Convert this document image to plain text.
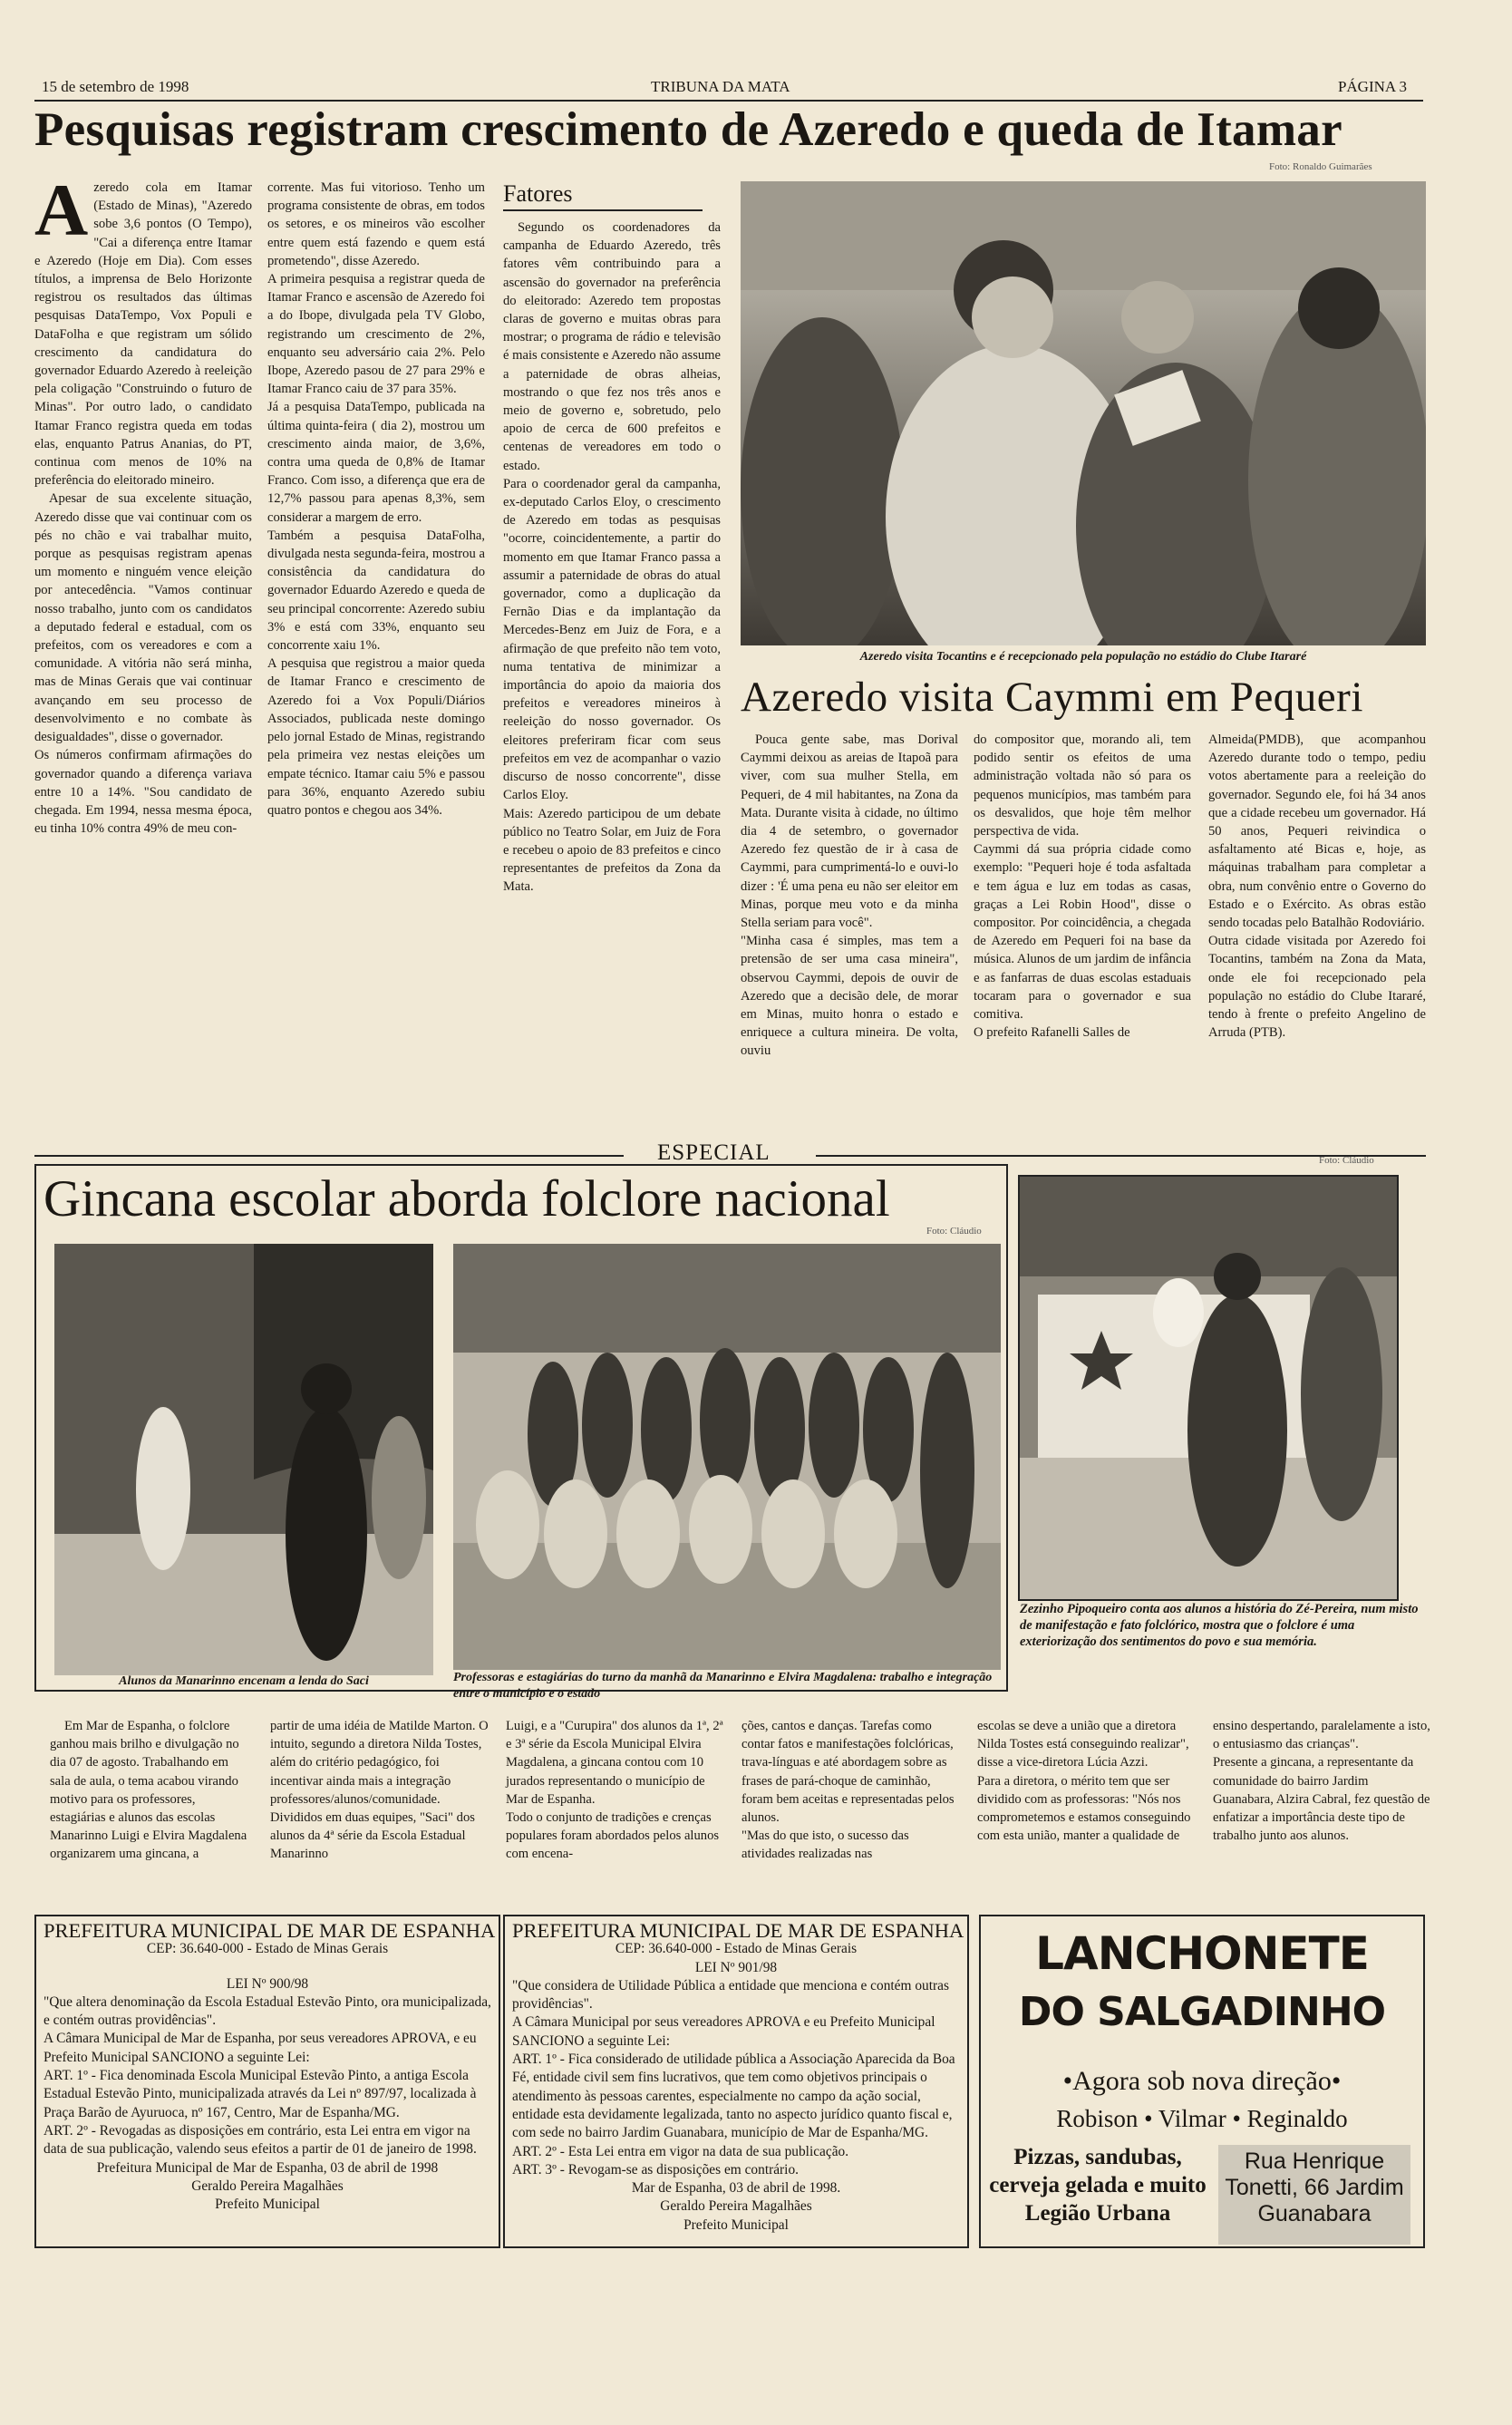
15 de setembro de 1998	TRIBUNA DA MATA	PÁGINA 3
Pesquisas registram crescimento de Azeredo e queda de Itamar
A zeredo cola em Itamar (Estado de Minas), "Azeredo sobe 3,6 pontos (O Tempo), "Cai a diferença entre Itamar e Azeredo (Hoje em Dia). Com esses títulos, a imprensa de Belo Horizonte registrou os resultados das últimas pesquisas DataTempo, Vox Populi e DataFolha e que registram um sólido crescimento da candidatura do governador Eduardo Azeredo à reeleição pela coligação "Construindo o futuro de Minas". Por outro lado, o candidato Itamar Franco registra queda em todas elas, enquanto Patrus Ananias, do PT, continua com menos de 10% na preferência do eleitorado mineiro.

Apesar de sua excelente situação, Azeredo disse que vai continuar com os pés no chão e vai trabalhar muito, porque as pesquisas registram apenas um momento e ninguém vence eleição por antecedência. "Vamos continuar nosso trabalho, junto com os candidatos a deputado federal e estadual, com os prefeitos, com os vereadores e com a comunidade. A vitória não será minha, mas de Minas Gerais que vai continuar avançando em seu processo de desenvolvimento e no combate às desigualdades", disse o governador.
Os números confirmam afirmações do governador quando a diferença variava entre 10 a 14%. "Sou candidato de chegada. Em 1994, nessa mesma época, eu tinha 10% contra 49% de meu con-

corrente. Mas fui vitorioso. Tenho um programa consistente de obras, em todos os setores, e os mineiros vão escolher entre quem está fazendo e quem está prometendo", disse Azeredo.
A primeira pesquisa a registrar queda de Itamar Franco e ascensão de Azeredo foi a do Ibope, divulgada pela TV Globo, registrando um crescimento de 2%, enquanto seu adversário caia 2%. Pelo Ibope, Azeredo pasou de 27 para 29% e Itamar Franco caiu de 37 para 35%.
Já a pesquisa DataTempo, publicada na última quinta-feira ( dia 2), mostrou um crescimento ainda maior, de 3,6%, contra uma queda de 0,8% de Itamar Franco. Com isso, a diferença que era de 12,7% passou para apenas 8,3%, sem considerar a margem de erro.
Também a pesquisa DataFolha, divulgada nesta segunda-feira, mostrou a consistência da candidatura do governador Eduardo Azeredo e queda de seu principal concorrente: Azeredo subiu 3% e está com 33%, enquanto seu concorrente xaiu 1%.
A pesquisa que registrou a maior queda de Itamar Franco e crescimento de Azeredo foi a Vox Populi/Diários Associados, publicada neste domingo pelo jornal Estado de Minas, registrando pela primeira vez nestas eleições um empate técnico. Itamar caiu 5% e passou para 36%, enquanto Azeredo subiu quatro pontos e chegou aos 34%.

Fatores

Segundo os coordenadores da campanha de Eduardo Azeredo, três fatores vêm contribuindo para a ascensão do governador na preferência do eleitorado: Azeredo tem propostas claras de governo e muitas obras para mostrar; o programa de rádio e televisão é mais consistente e Azeredo não assume a paternidade de obras alheias, mostrando o que fez nos três anos e meio de governo e, sobretudo, pelo apoio de cerca de 600 prefeitos e centenas de vereadores em todo o estado.
Para o coordenador geral da campanha, ex-deputado Carlos Eloy, o crescimento de Azeredo em todas as pesquisas "ocorre, coincidentemente, a partir do momento em que Itamar Franco passa a assumir a paternidade de obras do atual governador, como a duplicação da Fernão Dias e da implantação da Mercedes-Benz em Juiz de Fora, e a afirmação de que prefeito não tem voto, numa tentativa de minimizar a importância do apoio da maioria dos prefeitos e vereadores mineiros à reeleição do nosso governador. Os eleitores preferiram ficar com seus prefeitos em vez de acompanhar o vazio discurso de nosso concorrente", disse Carlos Eloy.
Mais: Azeredo participou de um debate público no Teatro Solar, em Juiz de Fora e recebeu o apoio de 83 prefeitos e cinco representantes de prefeitos da Zona da Mata.

Foto: Ronaldo Guimarães
Azeredo visita Tocantins e é recepcionado pela população no estádio do Clube Itararé
Azeredo visita Caymmi em Pequeri

Pouca gente sabe, mas Dorival Caymmi deixou as areias de Itapoã para viver, com sua mulher Stella, em Pequeri, de 4 mil habitantes, na Zona da Mata. Durante visita à cidade, no último dia 4 de setembro, o governador Azeredo fez questão de ir à casa de Caymmi, para cumprimentá-lo e ouvi-lo dizer : 'É uma pena eu não ser eleitor em Minas, porque meu voto e da minha Stella seriam para você".
"Minha casa é simples, mas tem a pretensão de ser uma casa mineira", observou Caymmi, depois de ouvir de Azeredo que a decisão dele, de morar em Minas, muito honra o estado e enriquece a cultura mineira. De volta, ouviu

do compositor que, morando ali, tem podido sentir os efeitos de uma administração voltada não só para os pequenos municípios, mas também para os desvalidos, que hoje têm melhor perspectiva de vida.
Caymmi dá sua própria cidade como exemplo: "Pequeri hoje é toda asfaltada e tem água e luz em todas as casas, graças a Lei Robin Hood", disse o compositor. Por coincidência, a chegada de Azeredo em Pequeri foi na base da música. Alunos de um jardim de infância e as fanfarras de duas escolas estaduais tocaram para o governador e sua comitiva.
O prefeito Rafanelli Salles de

Almeida(PMDB), que acompanhou Azeredo durante todo o tempo, pediu votos abertamente para a reeleição do governador. Segundo ele, foi há 34 anos que a cidade recebeu um governador. Há 50 anos, Pequeri reivindica o asfaltamento até Bicas e, hoje, as máquinas trabalham para completar a obra, num convênio entre o Governo do Estado e o Exército. As obras estão sendo tocadas pelo Batalhão Rodoviário.
Outra cidade visitada por Azeredo foi Tocantins, também na Zona da Mata, onde ele foi recepcionado pela população no estádio do Clube Itararé, tendo à frente o prefeito Angelino de Arruda (PTB).

ESPECIAL
Gincana escolar aborda folclore nacional
Foto: Cláudio
Alunos da Manarinno encenam a lenda do Saci	Professoras e estagiárias do turno da manhã da Manarinno e Elvira Magdalena: trabalho e integração entre o município e o estado
Foto: Cláudio
Zezinho Pipoqueiro conta aos alunos a história do Zé-Pereira, num misto de manifestação e fato folclórico, mostra que o folclore é uma exteriorização dos sentimentos do povo e sua memória.

Em Mar de Espanha, o folclore ganhou mais brilho e divulgação no dia 07 de agosto. Trabalhando em sala de aula, o tema acabou virando motivo para os professores, estagiárias e alunos das escolas Manarinno Luigi e Elvira Magdalena organizarem uma gincana, a

partir de uma idéia de Matilde Marton. O intuito, segundo a diretora Nilda Tostes, além do critério pedagógico, foi incentivar ainda mais a integração professores/alunos/comunidade.
Divididos em duas equipes, "Saci" dos alunos da 4ª série da Escola Estadual Manarinno

Luigi, e a "Curupira" dos alunos da 1ª, 2ª e 3ª série da Escola Municipal Elvira Magdalena, a gincana contou com 10 jurados representando o município de Mar de Espanha.
Todo o conjunto de tradições e crenças populares foram abordados pelos alunos com encena-

ções, cantos e danças. Tarefas como contar fatos e manifestações folclóricas, trava-línguas e até abordagem sobre as frases de pará-choque de caminhão, foram bem aceitas e representadas pelos alunos.
"Mas do que isto, o sucesso das atividades realizadas nas

escolas se deve a união que a diretora Nilda Tostes está conseguindo realizar", disse a vice-diretora Lúcia Azzi.
Para a diretora, o mérito tem que ser dividido com as professoras: "Nós nos comprometemos e estamos conseguindo com esta união, manter a qualidade de

ensino despertando, paralelamente a isto, o entusiasmo das crianças".
Presente a gincana, a representante da comunidade do bairro Jardim Guanabara, Alzira Cabral, fez questão de enfatizar a importância deste tipo de trabalho junto aos alunos.

PREFEITURA MUNICIPAL DE MAR DE ESPANHA
CEP: 36.640-000 - Estado de Minas Gerais
LEI Nº 900/98
"Que altera denominação da Escola Estadual Estevão Pinto, ora municipalizada, e contém outras providências".
A Câmara Municipal de Mar de Espanha, por seus vereadores APROVA, e eu Prefeito Municipal SANCIONO a seguinte Lei:
ART. 1º - Fica denominada Escola Municipal Estevão Pinto, a antiga Escola Estadual Estevão Pinto, municipalizada através da Lei nº 897/97, localizada à Praça Barão de Ayuruoca, nº 167, Centro, Mar de Espanha/MG.
ART. 2º - Revogadas as disposições em contrário, esta Lei entra em vigor na data de sua publicação, valendo seus efeitos a partir de 01 de janeiro de 1998.
Prefeitura Municipal de Mar de Espanha, 03 de abril de 1998
Geraldo Pereira Magalhães
Prefeito Municipal
PREFEITURA MUNICIPAL DE MAR DE ESPANHA
CEP: 36.640-000 - Estado de Minas Gerais
LEI Nº 901/98
"Que considera de Utilidade Pública a entidade que menciona e contém outras providências".
A Câmara Municipal por seus vereadores APROVA e eu Prefeito Municipal SANCIONO a seguinte Lei:
ART. 1º - Fica considerado de utilidade pública a Associação Aparecida da Boa Fé, entidade civil sem fins lucrativos, que tem como objetivos principais o atendimento às pessoas carentes, especialmente no campo da ação social, entidade esta devidamente legalizada, tanto no aspecto jurídico quanto fiscal e, com sede no bairro Jardim Guanabara, município de Mar de Espanha/MG.
ART. 2º - Esta Lei entra em vigor na data de sua publicação.
ART. 3º - Revogam-se as disposições em contrário.
Mar de Espanha, 03 de abril de 1998.
Geraldo Pereira Magalhães
Prefeito Municipal
LANCHONETE
DO SALGADINHO
•Agora sob nova direção•
Robison • Vilmar • Reginaldo
Pizzas, sandubas, cerveja gelada e muito Legião Urbana
Rua Henrique Tonetti, 66 Jardim Guanabara
